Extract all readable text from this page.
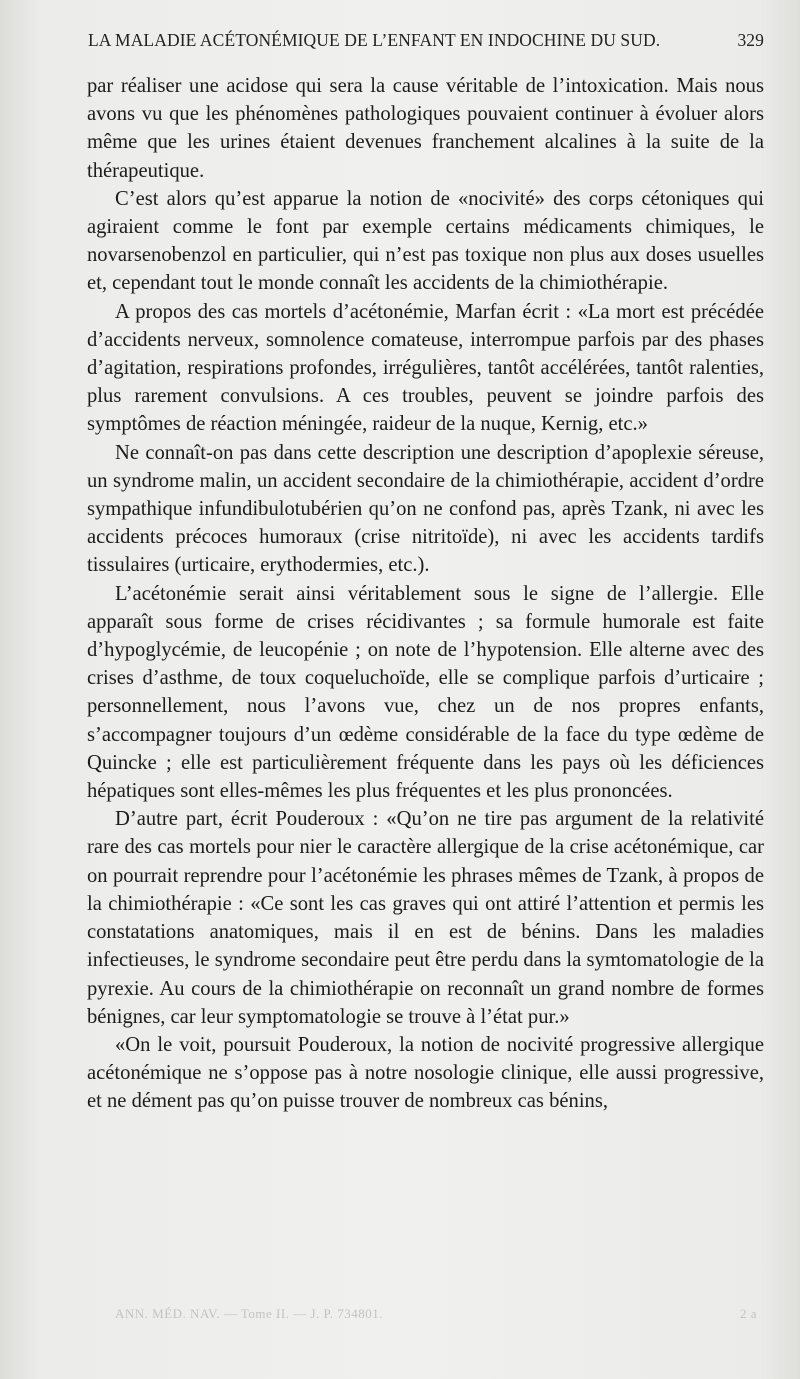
LA MALADIE ACÉTONÉMIQUE DE L’ENFANT EN INDOCHINE DU SUD.	329

par réaliser une acidose qui sera la cause véritable de l’intoxication. Mais nous avons vu que les phénomènes pathologiques pouvaient continuer à évoluer alors même que les urines étaient devenues franchement alcalines à la suite de la thérapeutique.

C’est alors qu’est apparue la notion de «nocivité» des corps cétoniques qui agiraient comme le font par exemple certains médicaments chimiques, le novarsenobenzol en particulier, qui n’est pas toxique non plus aux doses usuelles et, cependant tout le monde connaît les accidents de la chimiothérapie.

A propos des cas mortels d’acétonémie, Marfan écrit : «La mort est précédée d’accidents nerveux, somnolence comateuse, interrompue parfois par des phases d’agitation, respirations profondes, irrégulières, tantôt accélérées, tantôt ralenties, plus rarement convulsions. A ces troubles, peuvent se joindre parfois des symptômes de réaction méningée, raideur de la nuque, Kernig, etc.»

Ne connaît-on pas dans cette description une description d’apoplexie séreuse, un syndrome malin, un accident secondaire de la chimiothérapie, accident d’ordre sympathique infundibulotubérien qu’on ne confond pas, après Tzank, ni avec les accidents précoces humoraux (crise nitritoïde), ni avec les accidents tardifs tissulaires (urticaire, erythodermies, etc.).

L’acétonémie serait ainsi véritablement sous le signe de l’allergie. Elle apparaît sous forme de crises récidivantes ; sa formule humorale est faite d’hypoglycémie, de leucopénie ; on note de l’hypotension. Elle alterne avec des crises d’asthme, de toux coqueluchoïde, elle se complique parfois d’urticaire ; personnellement, nous l’avons vue, chez un de nos propres enfants, s’accompagner toujours d’un œdème considérable de la face du type œdème de Quincke ; elle est particulièrement fréquente dans les pays où les déficiences hépatiques sont elles-mêmes les plus fréquentes et les plus prononcées.

D’autre part, écrit Pouderoux : «Qu’on ne tire pas argument de la relativité rare des cas mortels pour nier le caractère allergique de la crise acétonémique, car on pourrait reprendre pour l’acétonémie les phrases mêmes de Tzank, à propos de la chimiothérapie : «Ce sont les cas graves qui ont attiré l’attention et permis les constatations anatomiques, mais il en est de bénins. Dans les maladies infectieuses, le syndrome secondaire peut être perdu dans la symtomatologie de la pyrexie. Au cours de la chimiothérapie on reconnaît un grand nombre de formes bénignes, car leur symptomatologie se trouve à l’état pur.»

«On le voit, poursuit Pouderoux, la notion de nocivité progressive allergique acétonémique ne s’oppose pas à notre nosologie clinique, elle aussi progressive, et ne dément pas qu’on puisse trouver de nombreux cas bénins,

ANN. MÉD. NAV. — Tome II. — J. P. 734801.	2 a
